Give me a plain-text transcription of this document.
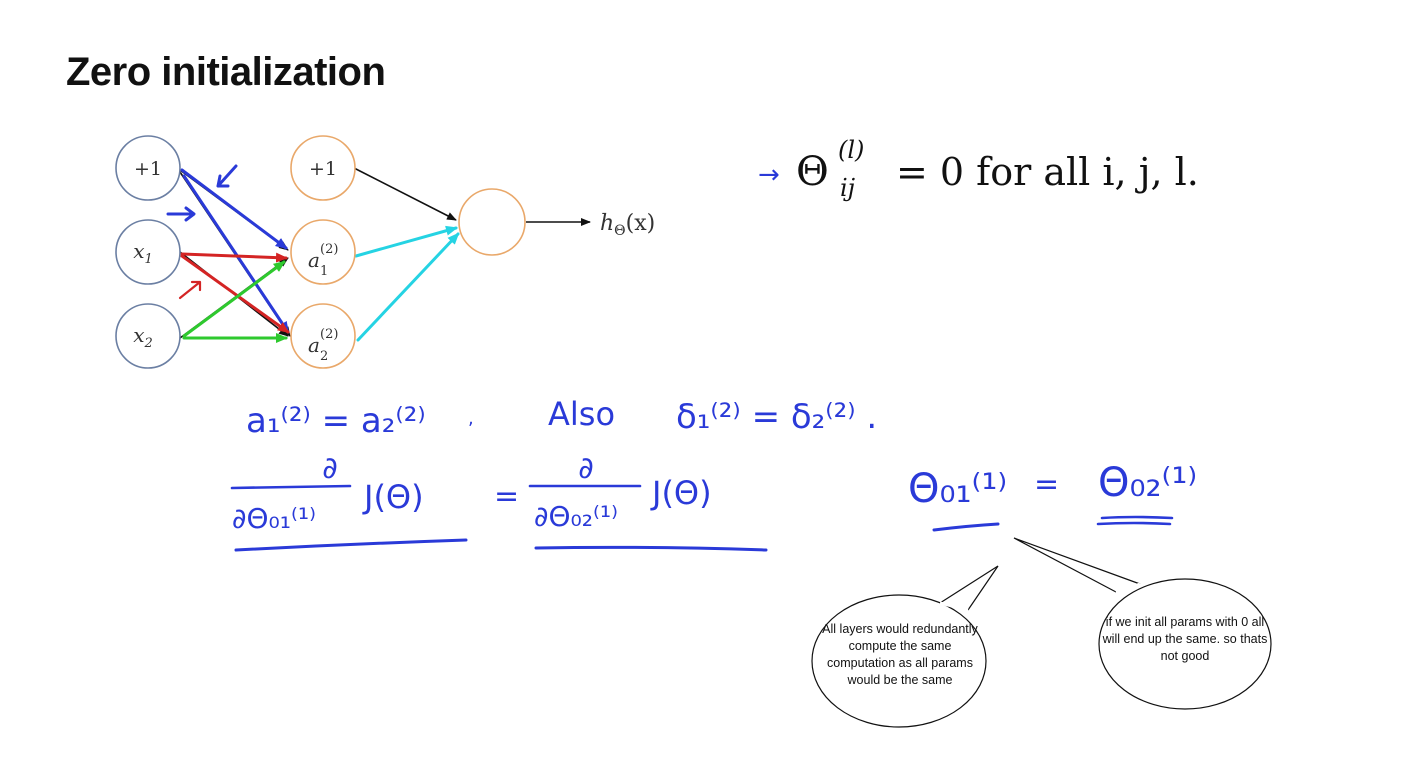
Zero initialization
+1
$x_1$
$x_2$
+1
a (2)
1
a (2)
2
$h_\Theta(x)$
→ Θ (l)
ij = 0 for all i, j, l.
a₁⁽²⁾ = a₂⁽²⁾ , Also δ₁⁽²⁾ = δ₂⁽²⁾ .
∂
∂Θ₀₁⁽¹⁾
J(Θ) =
∂
∂Θ₀₂⁽¹⁾
J(Θ)	Θ₀₁⁽¹⁾ = Θ₀₂⁽¹⁾
All layers would redundantly compute the same computation as all params would be the same
if we init all params with 0 all will end up the same. so thats not good
